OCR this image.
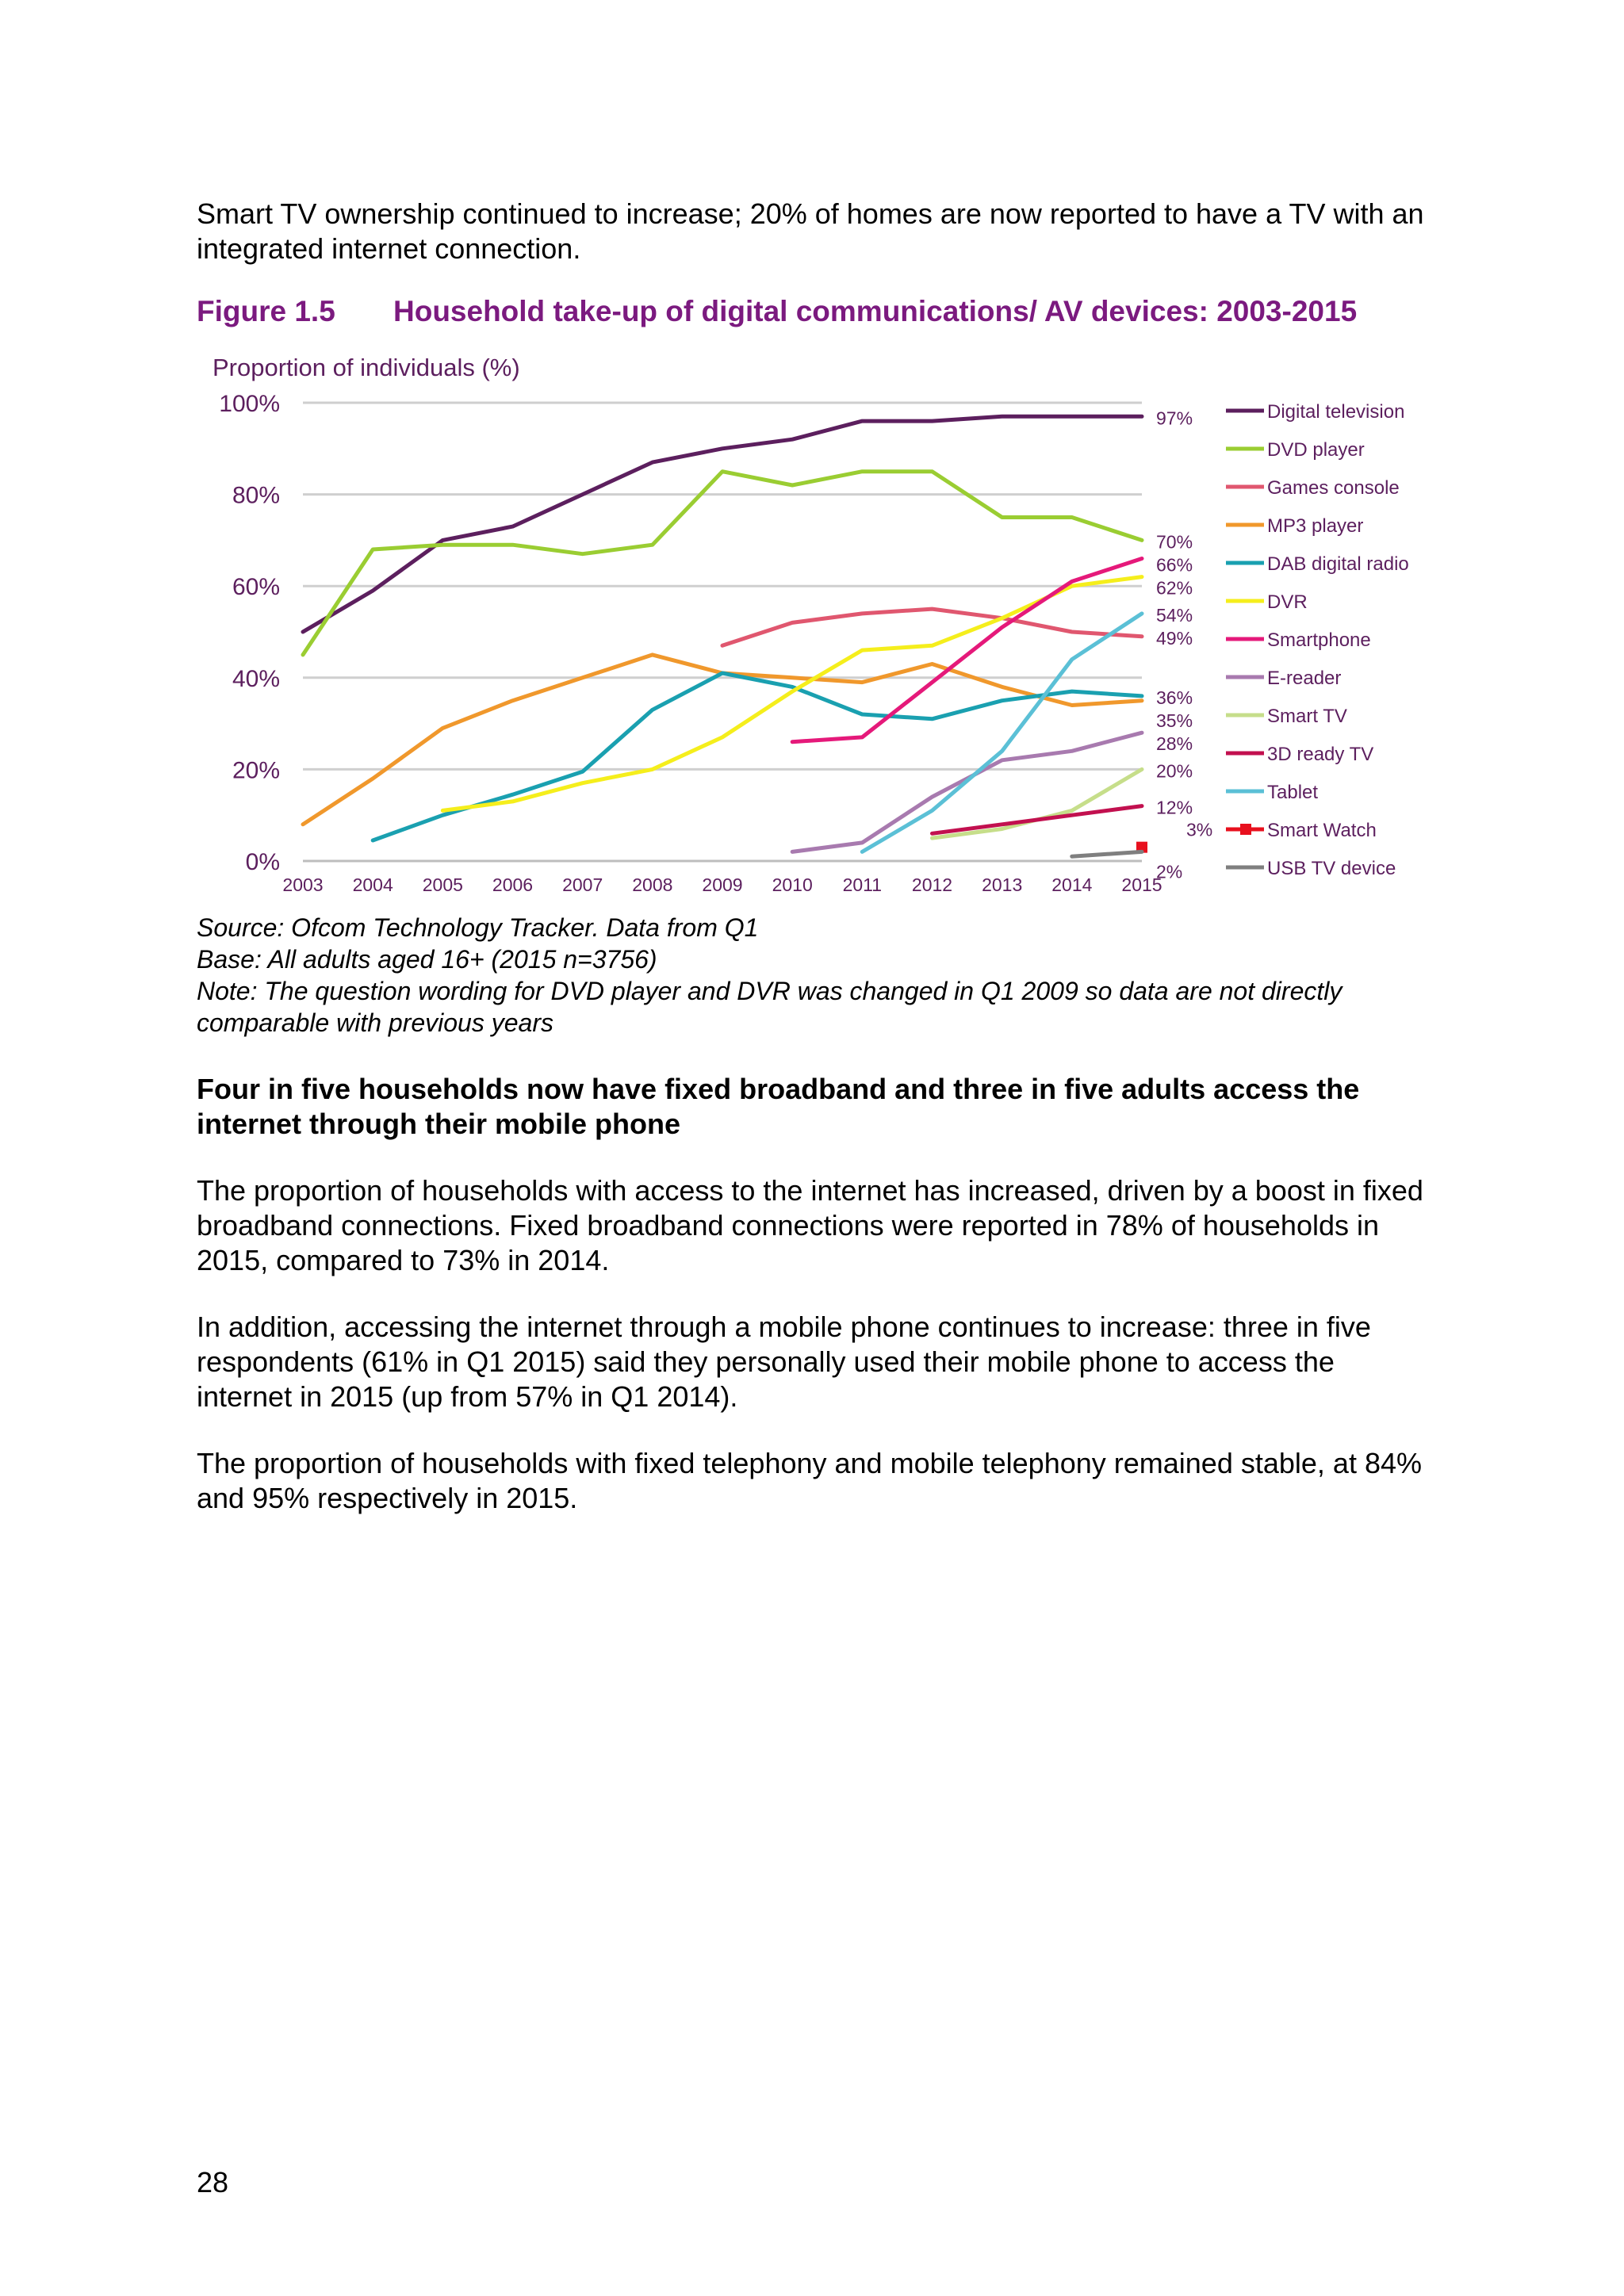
Smart TV ownership continued to increase; 20% of homes are now reported to have a TV with an integrated internet connection.

Figure 1.5 Household take-up of digital communications/ AV devices: 2003-2015
Proportion of individuals (%)
0%
20%
40%
60%
80%
100%
2003 2004 2005 2006 2007 2008 2009 2010 2011 2012 2013 2014 2015
97%
70%
66%
62%
54%
49%
36%
35%
28%
20%
12%
3%
2%
Digital television
DVD player
Games console
MP3 player
DAB digital radio
DVR
Smartphone
E-reader
Smart TV
3D ready TV
Tablet
Smart Watch
USB TV device
Source: Ofcom Technology Tracker. Data from Q1
Base: All adults aged 16+ (2015 n=3756)
Note: The question wording for DVD player and DVR was changed in Q1 2009 so data are not directly comparable with previous years

Four in five households now have fixed broadband and three in five adults access the internet through their mobile phone

The proportion of households with access to the internet has increased, driven by a boost in fixed broadband connections. Fixed broadband connections were reported in 78% of households in 2015, compared to 73% in 2014.

In addition, accessing the internet through a mobile phone continues to increase: three in five respondents (61% in Q1 2015) said they personally used their mobile phone to access the internet in 2015 (up from 57% in Q1 2014).

The proportion of households with fixed telephony and mobile telephony remained stable, at 84% and 95% respectively in 2015.

28
